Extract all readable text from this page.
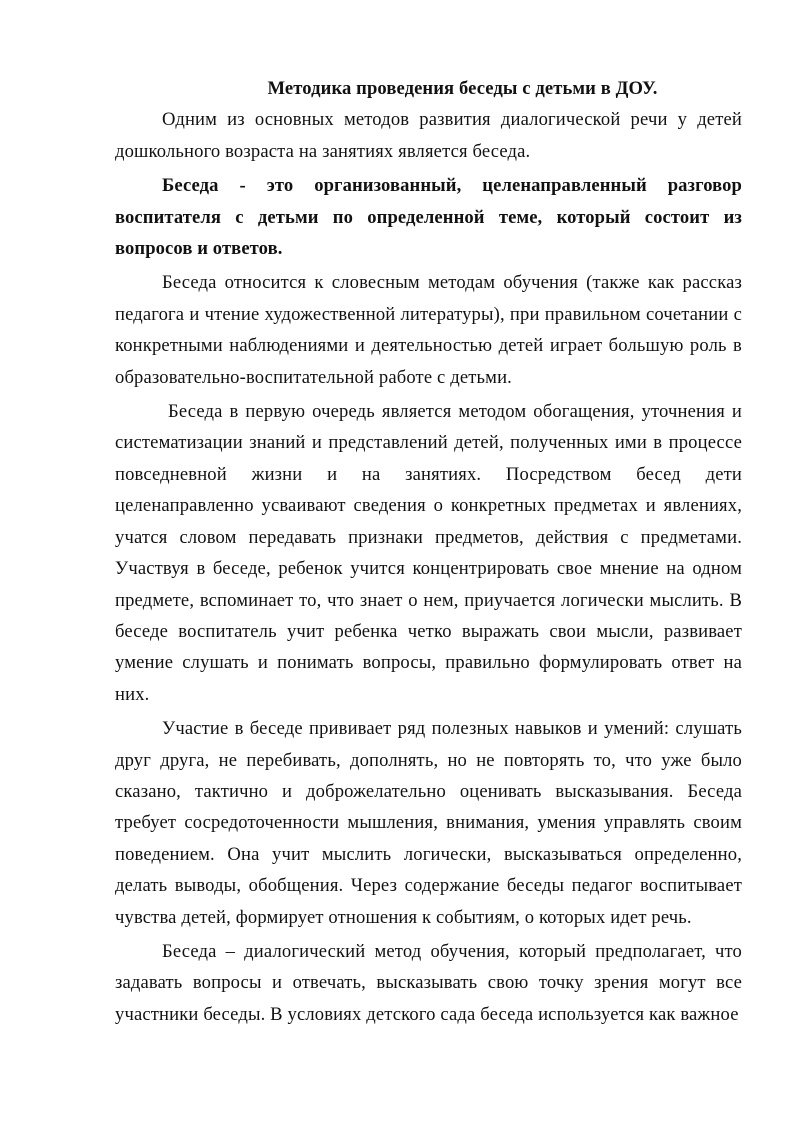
Методика проведения беседы с детьми в ДОУ.

Одним из основных методов развития диалогической речи у детей дошкольного возраста на занятиях является беседа.

Беседа - это организованный, целенаправленный разговор воспитателя с детьми по определенной теме, который состоит из вопросов и ответов.

Беседа относится к словесным методам обучения (также как рассказ педагога и чтение художественной литературы), при правильном сочетании с конкретными наблюдениями и деятельностью детей играет большую роль в образовательно-воспитательной работе с детьми.

Беседа в первую очередь является методом обогащения, уточнения и систематизации знаний и представлений детей, полученных ими в процессе повседневной жизни и на занятиях. Посредством бесед дети целенаправленно усваивают сведения о конкретных предметах и явлениях, учатся словом передавать признаки предметов, действия с предметами. Участвуя в беседе, ребенок учится концентрировать свое мнение на одном предмете, вспоминает то, что знает о нем, приучается логически мыслить. В беседе воспитатель учит ребенка четко выражать свои мысли, развивает умение слушать и понимать вопросы, правильно формулировать ответ на них.

Участие в беседе прививает ряд полезных навыков и умений: слушать друг друга, не перебивать, дополнять, но не повторять то, что уже было сказано, тактично и доброжелательно оценивать высказывания. Беседа требует сосредоточенности мышления, внимания, умения управлять своим поведением. Она учит мыслить логически, высказываться определенно, делать выводы, обобщения. Через содержание беседы педагог воспитывает чувства детей, формирует отношения к событиям, о которых идет речь.

Беседа – диалогический метод обучения, который предполагает, что задавать вопросы и отвечать, высказывать свою точку зрения могут все участники беседы. В условиях детского сада беседа используется как важное
